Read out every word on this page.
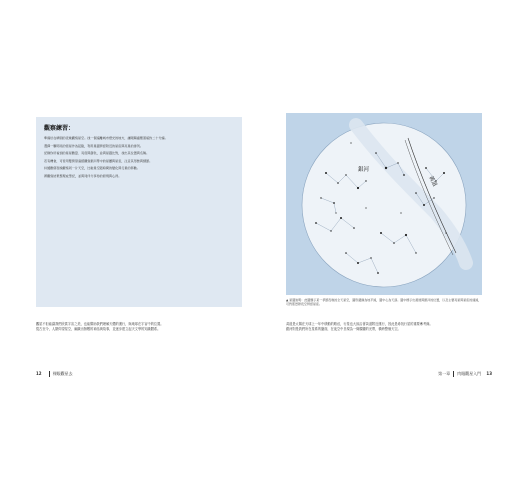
觀察練習：

準備好在晴朗的夜晚觀察星空。找一個遠離城市燈光的地方，讓眼睛適應黑暗約二十分鐘。

選擇一顆明亮的恆星作為起點，利用星圖辨認附近的星座與亮星的排列。

記錄你所看到的星星數量、亮度與顏色，並與星圖比對，找出其位置與名稱。

若有機會，可使用雙筒望遠鏡觀察銀河帶中的星團與星雲，注意其形態與細節。

持續數個夜晚觀察同一片天空，比較星空隨時間的變化與行星的移動。

將觀察結果整理成筆記，並與同伴分享你的發現與心得。

觀星不但能讓我們欣賞宇宙之美，也能幫助我們理解天體的運行，與地球在宇宙中的位置。

從古至今，人類仰望星空，編織出無數的神話與故事，並逐步建立起天文學的知識體系。

12	裸眼觀星去
銀河
黃道
▲ 星圖說明：此圖顯示某一季節夜晚的全天星空，圓形邊緣為地平線，圖中心為天頂。圖中標示出黃道與銀河的位置，以及主要亮星與星座的連線，可對照實際夜空辨認星座。

黃道是太陽在天球上一年中移動的路徑，行星也大致沿著黃道附近運行，因此是尋找行星的重要參考線。

銀河則是我們所在星系的盤面，在夜空中呈現為一條朦朧的光帶，橫跨整個天空。

第一章 肉眼觀星入門 13
